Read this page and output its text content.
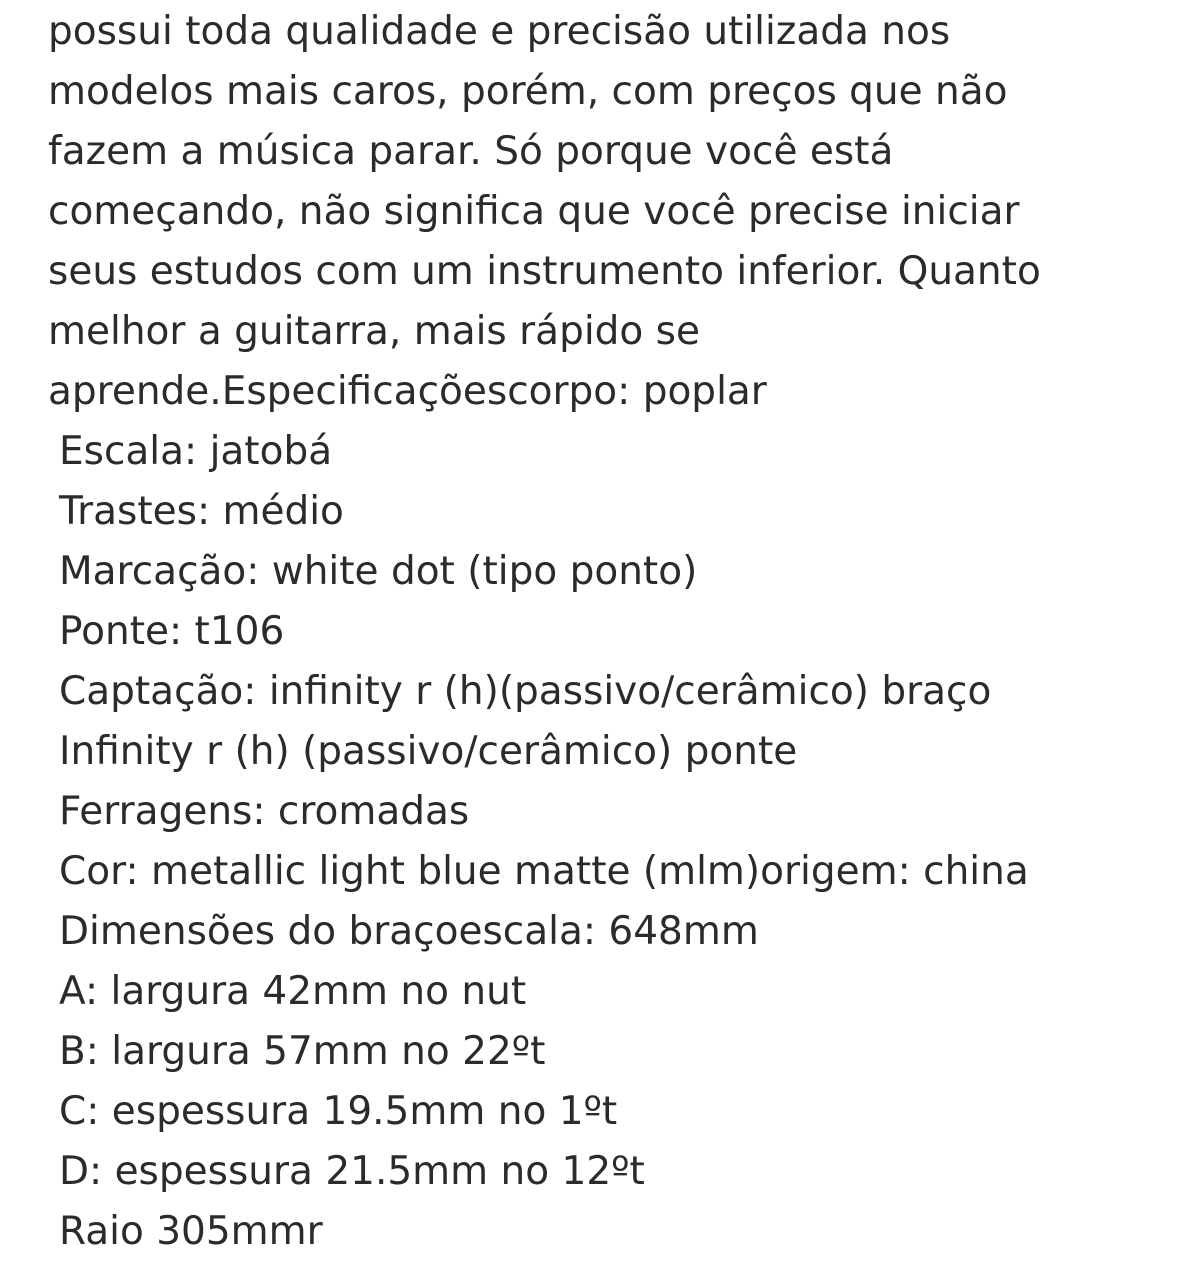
possui toda qualidade e precisão utilizada nos
modelos mais caros, porém, com preços que não
fazem a música parar. Só porque você está
começando, não significa que você precise iniciar
seus estudos com um instrumento inferior. Quanto
melhor a guitarra, mais rápido se
aprende.Especificaçõescorpo: poplar
Escala: jatobá
Trastes: médio
Marcação: white dot (tipo ponto)
Ponte: t106
Captação: infinity r (h)(passivo/cerâmico) braço
Infinity r (h) (passivo/cerâmico) ponte
Ferragens: cromadas
Cor: metallic light blue matte (mlm)origem: china
Dimensões do braçoescala: 648mm
A: largura 42mm no nut
B: largura 57mm no 22ºt
C: espessura 19.5mm no 1ºt
D: espessura 21.5mm no 12ºt
Raio 305mmr
